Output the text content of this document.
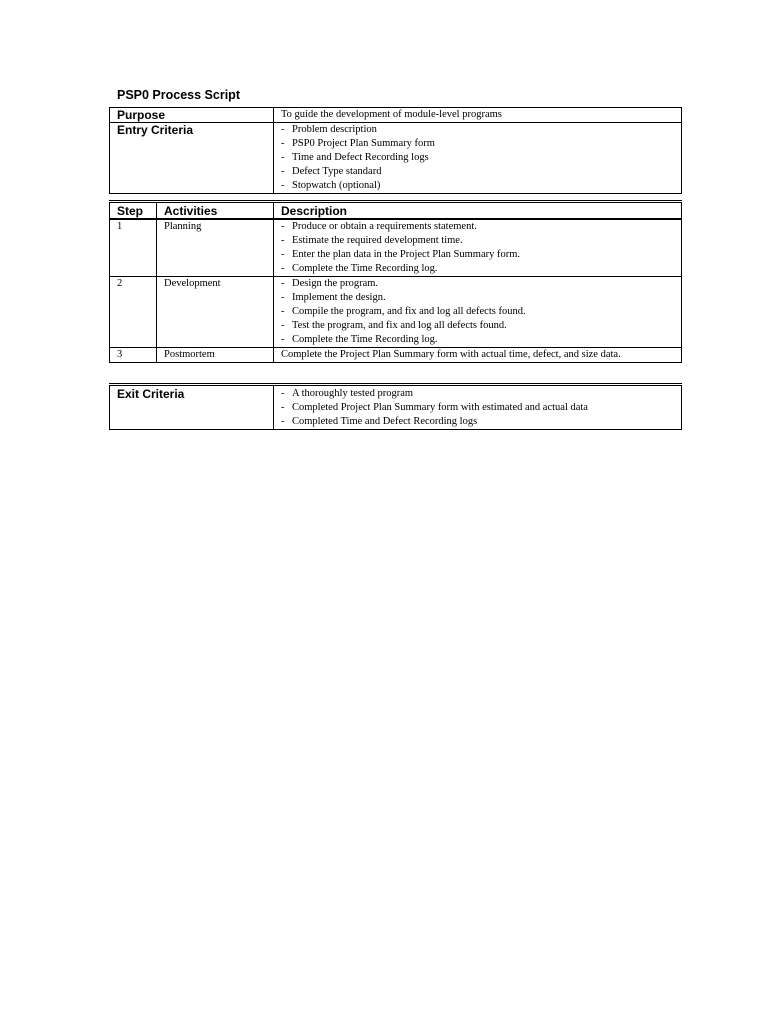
PSP0 Process Script
Purpose	To guide the development of module-level programs
Entry Criteria	- Problem description
- PSP0 Project Plan Summary form
- Time and Defect Recording logs
- Defect Type standard
- Stopwatch (optional)
Step	Activities	Description
1	Planning	- Produce or obtain a requirements statement.
- Estimate the required development time.
- Enter the plan data in the Project Plan Summary form.
- Complete the Time Recording log.

2	Development	- Design the program.
- Implement the design.
- Compile the program, and fix and log all defects found.
- Test the program, and fix and log all defects found.
- Complete the Time Recording log.

3	Postmortem	Complete the Project Plan Summary form with actual time, defect, and size data.
Exit Criteria	- A thoroughly tested program
- Completed Project Plan Summary form with estimated and actual data
- Completed Time and Defect Recording logs
